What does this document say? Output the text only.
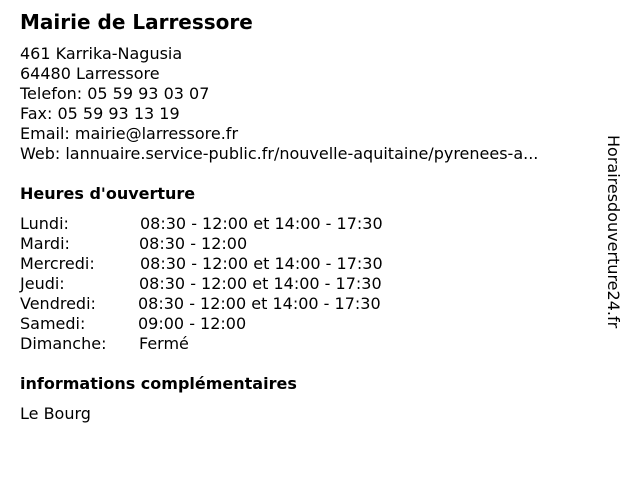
Mairie de Larressore
461 Karrika-Nagusia
64480 Larressore
Telefon: 05 59 93 03 07
Fax: 05 59 93 13 19
Email: mairie@larressore.fr
Web: lannuaire.service-public.fr/nouvelle-aquitaine/pyrenees-a...
Heures d'ouverture
Lundi:	08:30 - 12:00 et 14:00 - 17:30
Mardi:	08:30 - 12:00
Mercredi:	08:30 - 12:00 et 14:00 - 17:30
Jeudi:	08:30 - 12:00 et 14:00 - 17:30
Vendredi:	08:30 - 12:00 et 14:00 - 17:30
Samedi:	09:00 - 12:00
Dimanche: Fermé
informations complémentaires
Le Bourg
Horairesdouverture24.fr
